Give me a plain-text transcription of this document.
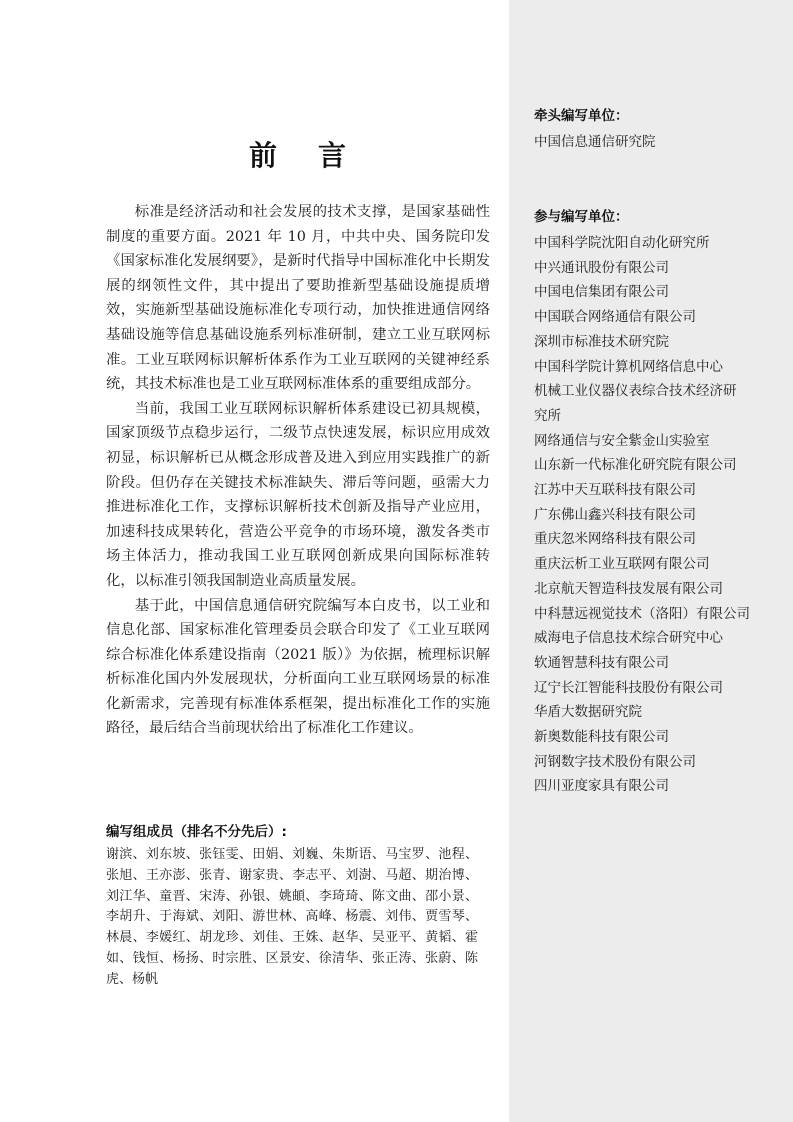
前 言

标准是经济活动和社会发展的技术支撑，是国家基础性制度的重要方面。2021 年 10 月，中共中央、国务院印发《国家标准化发展纲要》，是新时代指导中国标准化中长期发展的纲领性文件，其中提出了要助推新型基础设施提质增效，实施新型基础设施标准化专项行动，加快推进通信网络基础设施等信息基础设施系列标准研制，建立工业互联网标准。工业互联网标识解析体系作为工业互联网的关键神经系统，其技术标准也是工业互联网标准体系的重要组成部分。

当前，我国工业互联网标识解析体系建设已初具规模，国家顶级节点稳步运行，二级节点快速发展，标识应用成效初显，标识解析已从概念形成普及进入到应用实践推广的新阶段。但仍存在关键技术标准缺失、滞后等问题，亟需大力推进标准化工作，支撑标识解析技术创新及指导产业应用，加速科技成果转化，营造公平竞争的市场环境，激发各类市场主体活力，推动我国工业互联网创新成果向国际标准转化，以标准引领我国制造业高质量发展。

基于此，中国信息通信研究院编写本白皮书，以工业和信息化部、国家标准化管理委员会联合印发了《工业互联网综合标准化体系建设指南（2021 版）》为依据，梳理标识解析标准化国内外发展现状，分析面向工业互联网场景的标准化新需求，完善现有标准体系框架，提出标准化工作的实施路径，最后结合当前现状给出了标准化工作建议。

编写组成员（排名不分先后）:

谢滨、刘东坡、张钰雯、田娟、刘巍、朱斯语、马宝罗、池程、张旭、王亦澎、张青、谢家贵、李志平、刘澍、马超、期治博、刘江华、童晋、宋涛、孙银、姚頔、李琦琦、陈文曲、邵小景、李胡升、于海斌、刘阳、游世林、高峰、杨震、刘伟、贾雪琴、林晨、李媛红、胡龙珍、刘佳、王姝、赵华、吴亚平、黄韬、霍如、钱恒、杨扬、时宗胜、区景安、徐清华、张正涛、张蔚、陈虎、杨帆

牵头编写单位：

中国信息通信研究院

参与编写单位：

中国科学院沈阳自动化研究所
中兴通讯股份有限公司
中国电信集团有限公司
中国联合网络通信有限公司
深圳市标准技术研究院
中国科学院计算机网络信息中心
机械工业仪器仪表综合技术经济研
究所
网络通信与安全紫金山实验室
山东新一代标准化研究院有限公司
江苏中天互联科技有限公司
广东佛山鑫兴科技有限公司
重庆忽米网络科技有限公司
重庆沄析工业互联网有限公司
北京航天智造科技发展有限公司
中科慧远视觉技术（洛阳）有限公司
威海电子信息技术综合研究中心
软通智慧科技有限公司
辽宁长江智能科技股份有限公司
华盾大数据研究院
新奥数能科技有限公司
河钢数字技术股份有限公司
四川亚度家具有限公司
